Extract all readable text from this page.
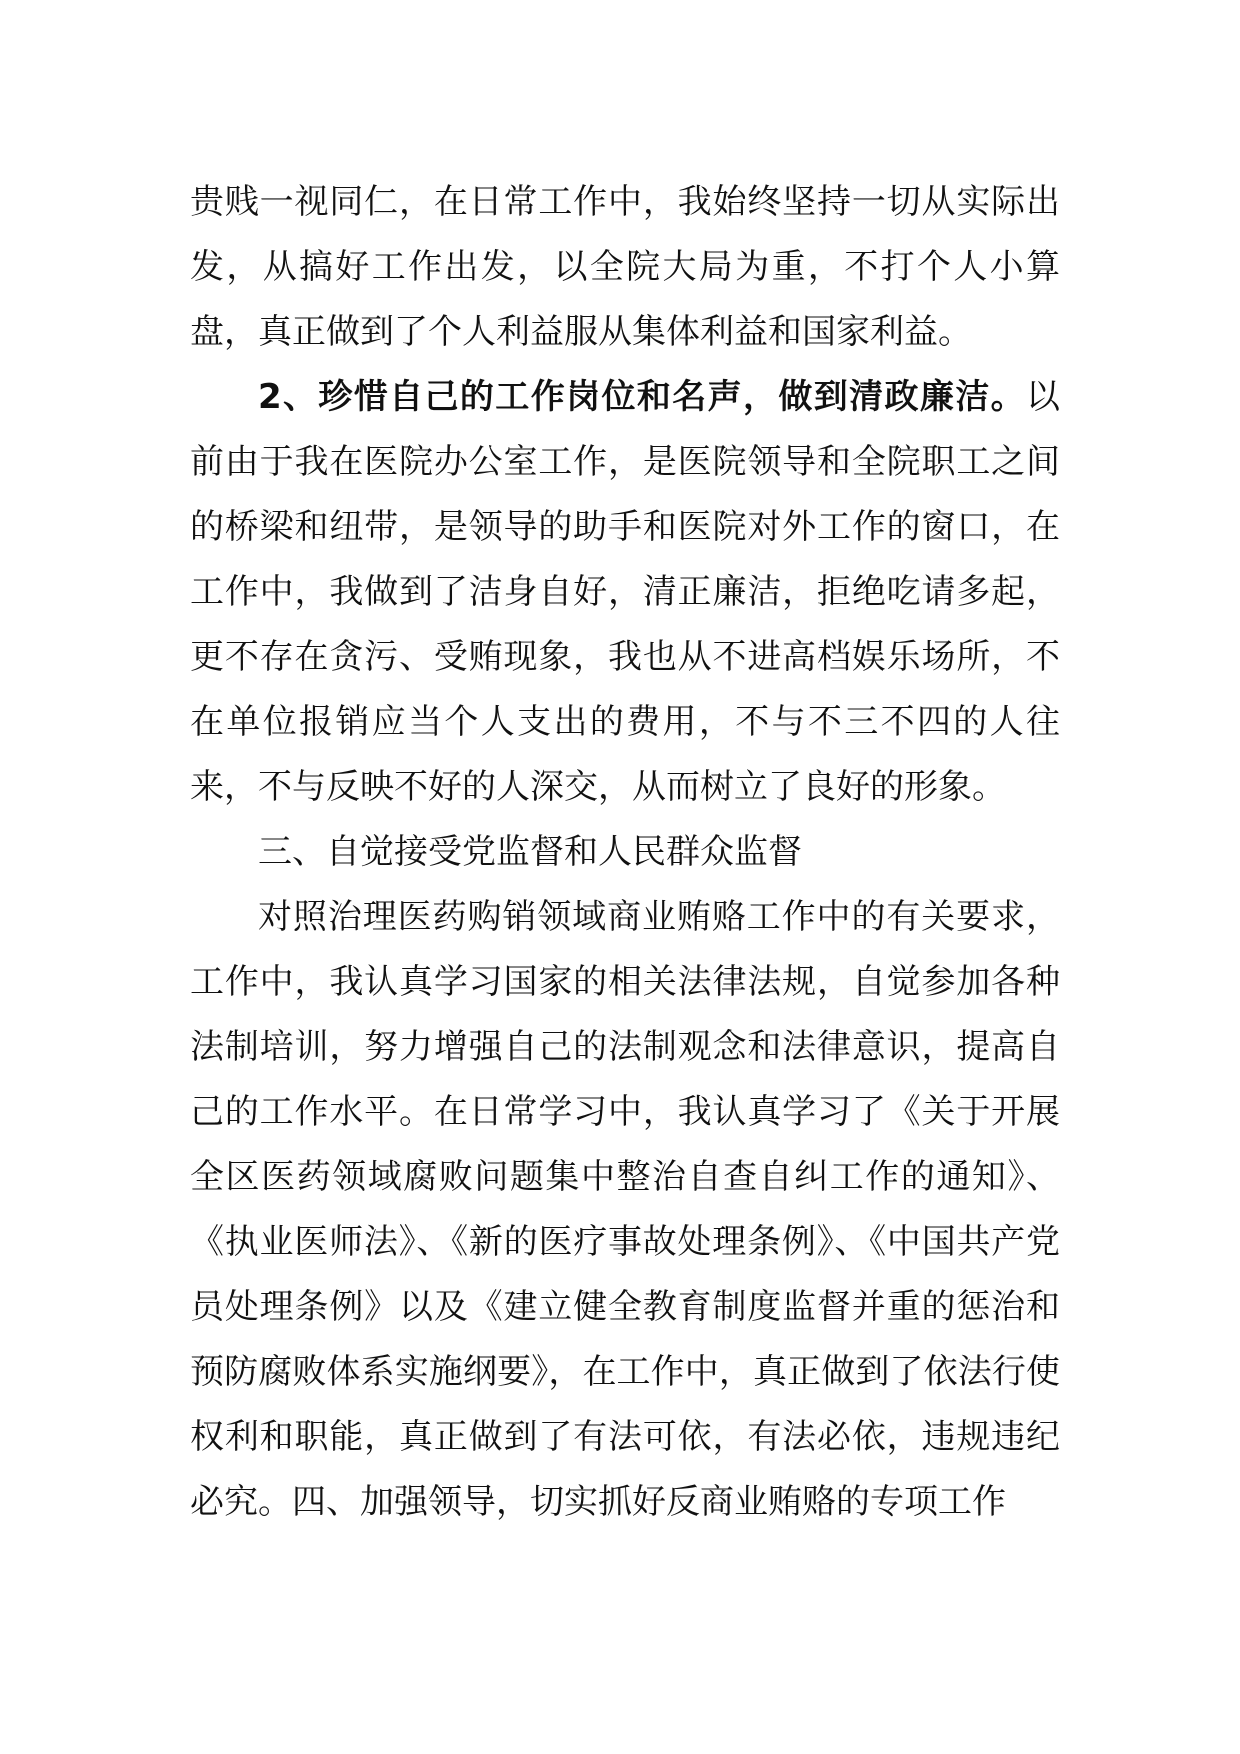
贵贱一视同仁，在日常工作中，我始终坚持一切从实际出发，从搞好工作出发，以全院大局为重，不打个人小算盘，真正做到了个人利益服从集体利益和国家利益。

2、珍惜自己的工作岗位和名声，做到清政廉洁。以前由于我在医院办公室工作，是医院领导和全院职工之间的桥梁和纽带，是领导的助手和医院对外工作的窗口，在工作中，我做到了洁身自好，清正廉洁，拒绝吃请多起，更不存在贪污、受贿现象，我也从不进高档娱乐场所，不在单位报销应当个人支出的费用，不与不三不四的人往来，不与反映不好的人深交，从而树立了良好的形象。

三、自觉接受党监督和人民群众监督

对照治理医药购销领域商业贿赂工作中的有关要求，工作中，我认真学习国家的相关法律法规，自觉参加各种法制培训，努力增强自己的法制观念和法律意识，提高自己的工作水平。在日常学习中，我认真学习了《关于开展全区医药领域腐败问题集中整治自查自纠工作的通知》、《执业医师法》、《新的医疗事故处理条例》、《中国共产党员处理条例》以及《建立健全教育制度监督并重的惩治和预防腐败体系实施纲要》，在工作中，真正做到了依法行使权利和职能，真正做到了有法可依，有法必依，违规违纪必究。四、加强领导，切实抓好反商业贿赂的专项工作
